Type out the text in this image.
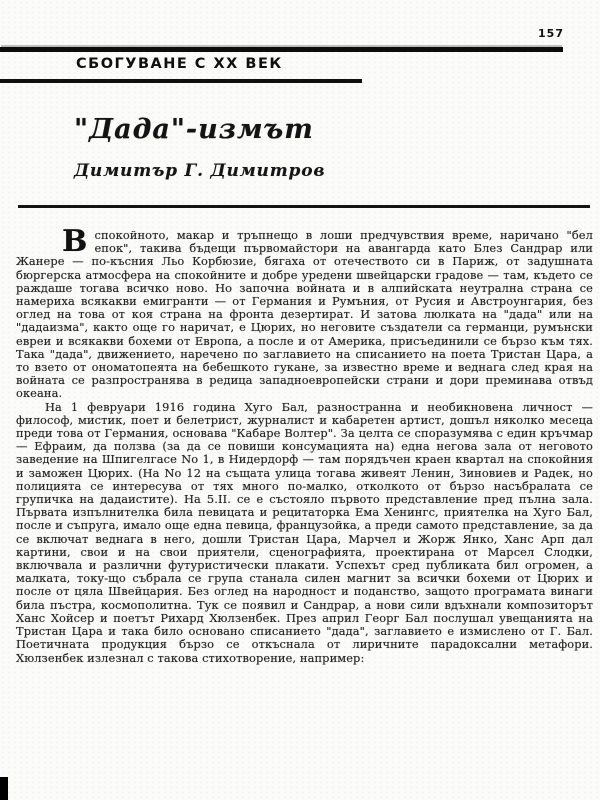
157
СБОГУВАНЕ С XX ВЕК
"Дада"-измът
Димитър Г. Димитров

Вспокойното, макар и тръпнещо в лоши предчувствия време, наричано "бел епок", такива бъдещи първомайстори на авангарда като Блез Сандрар или Жанере — по-късния Льо Корбюзие, бягаха от отечеството си в Париж, от задушната бюргерска атмосфера на спокойните и добре уредени швейцарски градове — там, където се раждаше тогава всичко ново. Но започна войната и в алпийската неутрална страна се намериха всякакви емигранти — от Германия и Румъния, от Русия и Австроунгария, без оглед на това от коя страна на фронта дезертират. И затова люлката на "дада" или на "дадаизма", както още го наричат, е Цюрих, но неговите създатели са германци, румънски евреи и всякакви бохеми от Европа, а после и от Америка, присъединили се бързо към тях. Така "дада", движението, наречено по заглавието на списанието на поета Тристан Цара, а то взето от ономатопеята на бебешкото гукане, за известно време и веднага след края на войната се разпространява в редица западноевропейски страни и дори преминава отвъд океана.

На 1 февруари 1916 година Хуго Бал, разностранна и необикновена личност — философ, мистик, поет и белетрист, журналист и кабаретен артист, дошъл няколко месеца преди това от Германия, основава "Кабаре Волтер". За целта се споразумява с един кръчмар — Ефраим, да ползва (за да се повиши консумацията на) една негова зала от неговото заведение на Шпигелгасе No 1, в Нидердорф — там порядъчен краен квартал на спокойния и заможен Цюрих. (На No 12 на същата улица тогава живеят Ленин, Зиновиев и Радек, но полицията се интересува от тях много по-малко, отколкото от бързо насъбралата се групичка на дадаистите). На 5.II. се е състояло първото представление пред пълна зала. Първата изпълнителка била певицата и рецитаторка Ема Хенингс, приятелка на Хуго Бал, после и съпруга, имало още една певица, французойка, а преди самото представление, за да се включат веднага в него, дошли Тристан Цара, Марчел и Жорж Янко, Ханс Арп дал картини, свои и на свои приятели, сценографията, проектирана от Марсел Слодки, включвала и различни футуристически плакати. Успехът сред публиката бил огромен, а малката, току-що събрала се група станала силен магнит за всички бохеми от Цюрих и после от цяла Швейцария. Без оглед на народност и поданство, защото програмата винаги била пъстра, космополитна. Тук се появил и Сандрар, а нови сили вдъхнали композиторът Ханс Хойсер и поетът Рихард Хюлзенбек. През април Георг Бал послушал увещанията на Тристан Цара и така било основано списанието "дада", заглавието е измислено от Г. Бал. Поетичната продукция бързо се откъснала от лиричните парадоксални метафори. Хюлзенбек излезнал с такова стихотворение, например:
